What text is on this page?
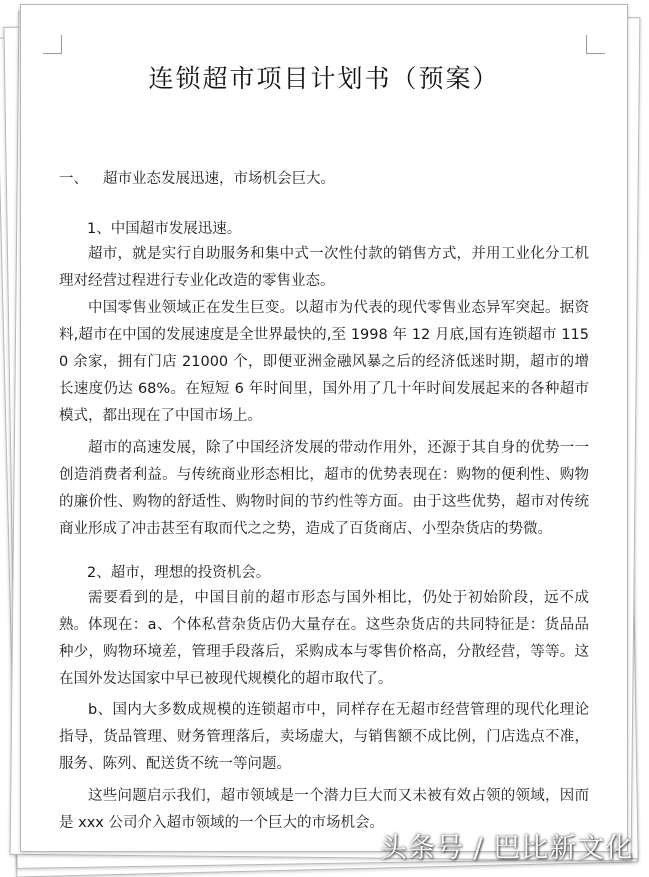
连锁超市项目计划书（预案）
一、 超市业态发展迅速，市场机会巨大。
1、中国超市发展迅速。
超市，就是实行自助服务和集中式一次性付款的销售方式，并用工业化分工机理对经营过程进行专业化改造的零售业态。
中国零售业领域正在发生巨变。以超市为代表的现代零售业态异军突起。据资料,超市在中国的发展速度是全世界最快的,至 1998 年 12 月底,国有连锁超市 1150 余家，拥有门店 21000 个，即便亚洲金融风暴之后的经济低迷时期，超市的增长速度仍达 68%。在短短 6 年时间里，国外用了几十年时间发展起来的各种超市模式，都出现在了中国市场上。
超市的高速发展，除了中国经济发展的带动作用外，还源于其自身的优势一一创造消费者利益。与传统商业形态相比，超市的优势表现在：购物的便利性、购物的廉价性、购物的舒适性、购物时间的节约性等方面。由于这些优势，超市对传统商业形成了冲击甚至有取而代之之势，造成了百货商店、小型杂货店的势微。
2、超市，理想的投资机会。
需要看到的是，中国目前的超市形态与国外相比，仍处于初始阶段，远不成熟。 体现在：a、个体私营杂货店仍大量存在。这些杂货店的共同特征是：货品品种少，购物环境差，管理手段落后，采购成本与零售价格高，分散经营，等等。这在国外发达国家中早已被现代规模化的超市取代了。
b、国内大多数成规模的连锁超市中，同样存在无超市经营管理的现代化理论指导，货品管理、财务管理落后，卖场虚大，与销售额不成比例，门店选点不准，服务、陈列、配送货不统一等问题。
这些问题启示我们，超市领域是一个潜力巨大而又未被有效占领的领域，因而是 xxx 公司介入超市领域的一个巨大的市场机会。
头条号 / 巴比新文化
